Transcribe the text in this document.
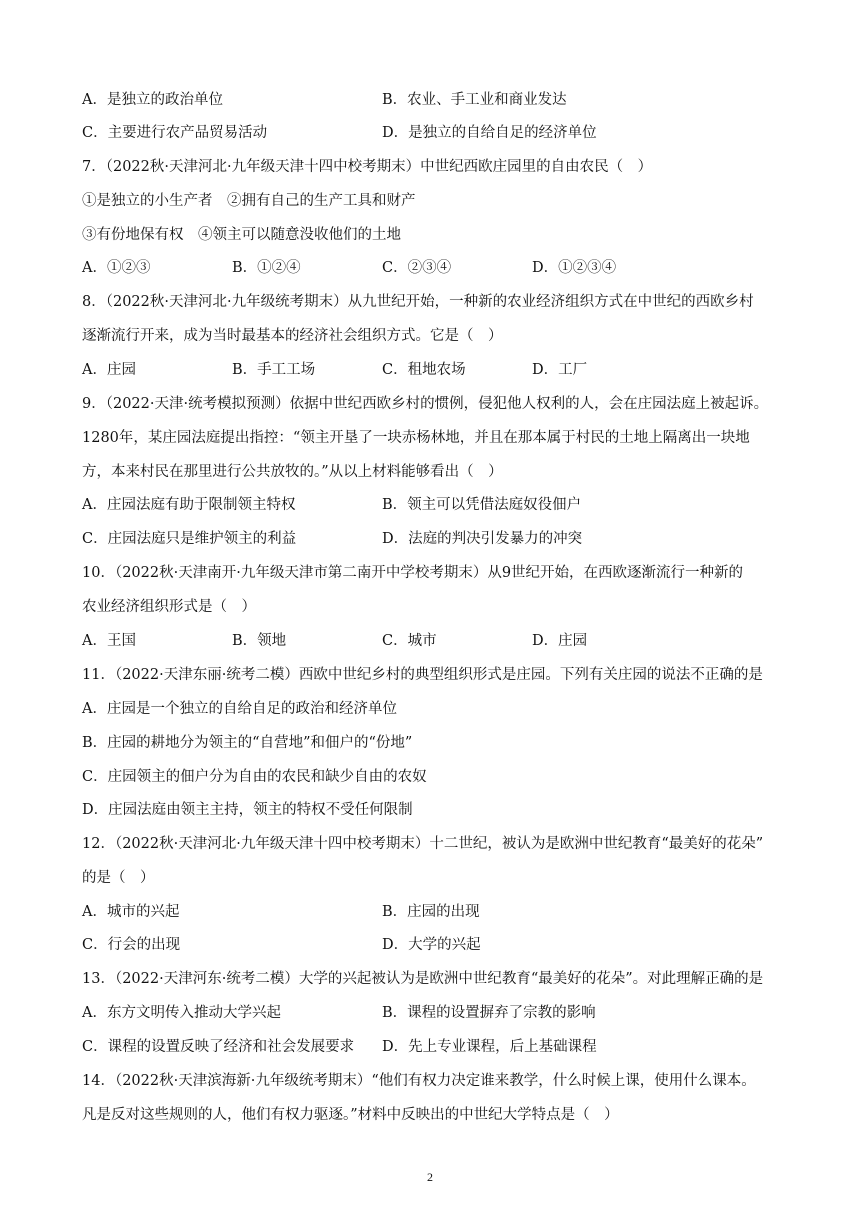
A．是独立的政治单位	B．农业、手工业和商业发达
C．主要进行农产品贸易活动	D．是独立的自给自足的经济单位
7．（2022秋·天津河北·九年级天津十四中校考期末）中世纪西欧庄园里的自由农民（　）
①是独立的小生产者　②拥有自己的生产工具和财产
③有份地保有权　④领主可以随意没收他们的土地
A．①②③	B．①②④	C．②③④	D．①②③④
8．（2022秋·天津河北·九年级统考期末）从九世纪开始，一种新的农业经济组织方式在中世纪的西欧乡村
逐渐流行开来，成为当时最基本的经济社会组织方式。它是（　）
A．庄园	B．手工工场	C．租地农场	D．工厂
9．（2022·天津·统考模拟预测）依据中世纪西欧乡村的惯例，侵犯他人权利的人，会在庄园法庭上被起诉。
1280年，某庄园法庭提出指控：“领主开垦了一块赤杨林地，并且在那本属于村民的土地上隔离出一块地
方，本来村民在那里进行公共放牧的。”从以上材料能够看出（　）
A．庄园法庭有助于限制领主特权	B．领主可以凭借法庭奴役佃户
C．庄园法庭只是维护领主的利益	D．法庭的判决引发暴力的冲突
10．（2022秋·天津南开·九年级天津市第二南开中学校考期末）从9世纪开始，在西欧逐渐流行一种新的
农业经济组织形式是（　）
A．王国	B．领地	C．城市	D．庄园
11．（2022·天津东丽·统考二模）西欧中世纪乡村的典型组织形式是庄园。下列有关庄园的说法不正确的是
A．庄园是一个独立的自给自足的政治和经济单位
B．庄园的耕地分为领主的“自营地”和佃户的“份地”
C．庄园领主的佃户分为自由的农民和缺少自由的农奴
D．庄园法庭由领主主持，领主的特权不受任何限制
12．（2022秋·天津河北·九年级天津十四中校考期末）十二世纪，被认为是欧洲中世纪教育“最美好的花朵”
的是（　）
A．城市的兴起	B．庄园的出现
C．行会的出现	D．大学的兴起
13．（2022·天津河东·统考二模）大学的兴起被认为是欧洲中世纪教育“最美好的花朵”。对此理解正确的是
A．东方文明传入推动大学兴起	B．课程的设置摒弃了宗教的影响
C．课程的设置反映了经济和社会发展要求 D．先上专业课程，后上基础课程
14．（2022秋·天津滨海新·九年级统考期末）“他们有权力决定谁来教学，什么时候上课，使用什么课本。
凡是反对这些规则的人，他们有权力驱逐。”材料中反映出的中世纪大学特点是（　）
2
